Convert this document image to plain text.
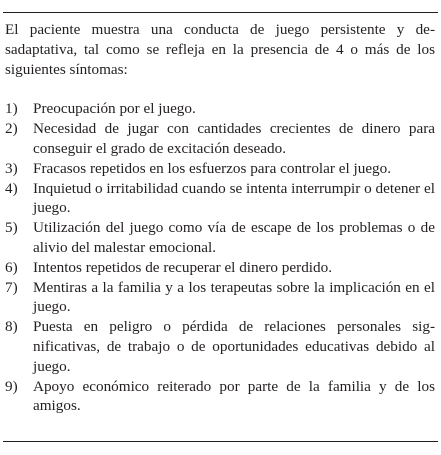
El paciente muestra una conducta de juego persistente y desadaptativa, tal como se refleja en la presencia de 4 o más de los siguientes síntomas:

1) Preocupación por el juego.
2) Necesidad de jugar con cantidades crecientes de dinero para conseguir el grado de excitación deseado.
3) Fracasos repetidos en los esfuerzos para controlar el juego.
4) Inquietud o irritabilidad cuando se intenta interrumpir o detener el juego.
5) Utilización del juego como vía de escape de los problemas o de alivio del malestar emocional.
6) Intentos repetidos de recuperar el dinero perdido.
7) Mentiras a la familia y a los terapeutas sobre la implicación en el juego.
8) Puesta en peligro o pérdida de relaciones personales significativas, de trabajo o de oportunidades educativas debido al juego.
9) Apoyo económico reiterado por parte de la familia y de los amigos.
